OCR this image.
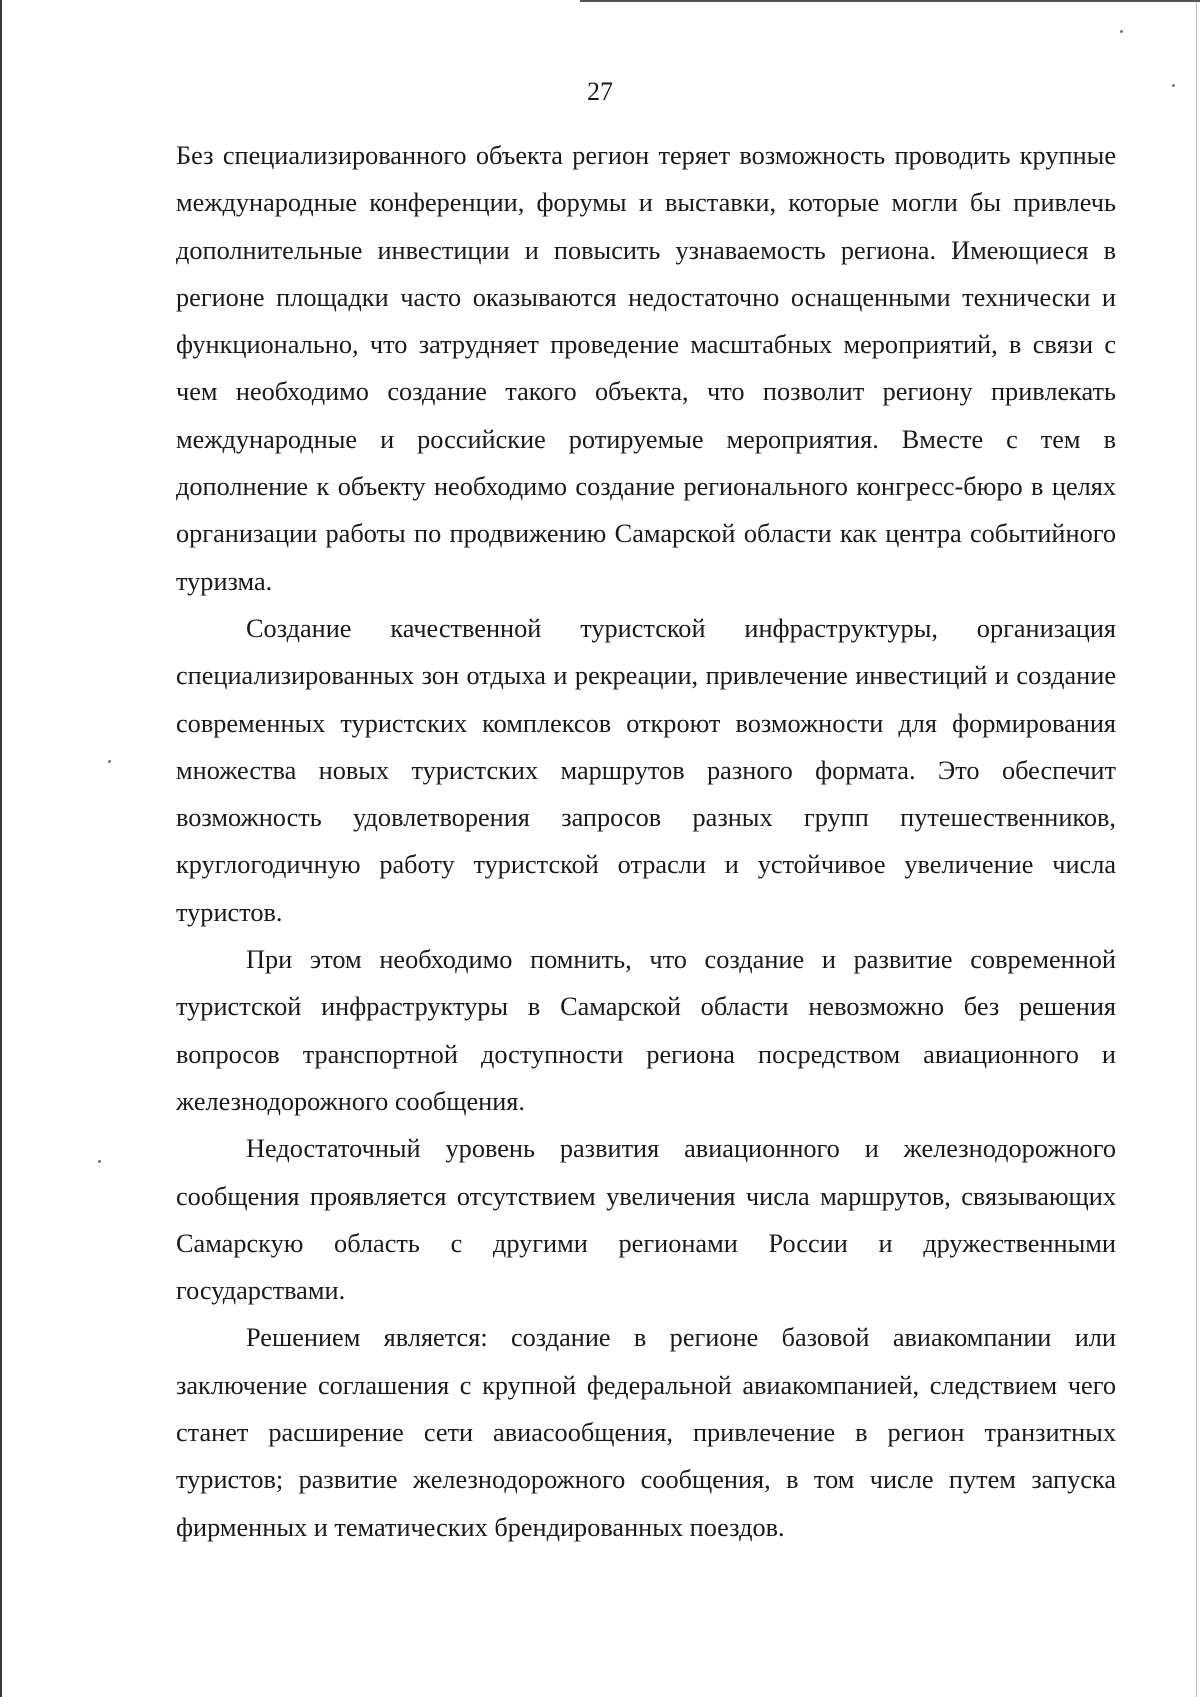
27

Без специализированного объекта регион теряет возможность проводить крупные международные конференции, форумы и выставки, которые могли бы привлечь дополнительные инвестиции и повысить узнаваемость региона. Имеющиеся в регионе площадки часто оказываются недостаточно оснащенными технически и функционально, что затрудняет проведение масштабных мероприятий, в связи с чем необходимо создание такого объекта, что позволит региону привлекать международные и российские ротируемые мероприятия. Вместе с тем в дополнение к объекту необходимо создание регионального конгресс-бюро в целях организации работы по продвижению Самарской области как центра событийного туризма.

Создание качественной туристской инфраструктуры, организация специализированных зон отдыха и рекреации, привлечение инвестиций и создание современных туристских комплексов откроют возможности для формирования множества новых туристских маршрутов разного формата. Это обеспечит возможность удовлетворения запросов разных групп путешественников, круглогодичную работу туристской отрасли и устойчивое увеличение числа туристов.

При этом необходимо помнить, что создание и развитие современной туристской инфраструктуры в Самарской области невозможно без решения вопросов транспортной доступности региона посредством авиационного и железнодорожного сообщения.

Недостаточный уровень развития авиационного и железнодорожного сообщения проявляется отсутствием увеличения числа маршрутов, связывающих Самарскую область с другими регионами России и дружественными государствами.

Решением является: создание в регионе базовой авиакомпании или заключение соглашения с крупной федеральной авиакомпанией, следствием чего станет расширение сети авиасообщения, привлечение в регион транзитных туристов; развитие железнодорожного сообщения, в том числе путем запуска фирменных и тематических брендированных поездов.
